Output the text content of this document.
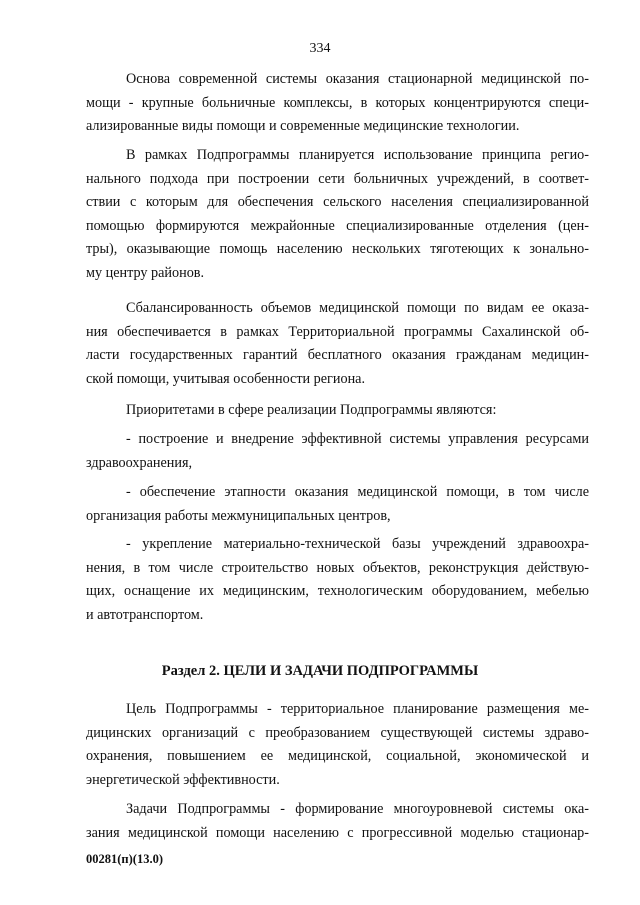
334
Основа современной системы оказания стационарной медицинской по-
мощи - крупные больничные комплексы, в которых концентрируются специ-
ализированные виды помощи и современные медицинские технологии.
В рамках Подпрограммы планируется использование принципа регио-
нального подхода при построении сети больничных учреждений, в соответ-
ствии с которым для обеспечения сельского населения специализированной
помощью формируются межрайонные специализированные отделения (цен-
тры), оказывающие помощь населению нескольких тяготеющих к зонально-
му центру районов.
Сбалансированность объемов медицинской помощи по видам ее оказа-
ния обеспечивается в рамках Территориальной программы Сахалинской об-
ласти государственных гарантий бесплатного оказания гражданам медицин-
ской помощи, учитывая особенности региона.
Приоритетами в сфере реализации Подпрограммы являются:
- построение и внедрение эффективной системы управления ресурсами
здравоохранения,
- обеспечение этапности оказания медицинской помощи, в том числе
организация работы межмуниципальных центров,
- укрепление материально-технической базы учреждений здравоохра-
нения, в том числе строительство новых объектов, реконструкция действую-
щих, оснащение их медицинским, технологическим оборудованием, мебелью
и автотранспортом.
Раздел 2. ЦЕЛИ И ЗАДАЧИ ПОДПРОГРАММЫ
Цель Подпрограммы - территориальное планирование размещения ме-
дицинских организаций с преобразованием существующей системы здраво-
охранения, повышением ее медицинской, социальной, экономической и
энергетической эффективности.
Задачи Подпрограммы - формирование многоуровневой системы ока-
зания медицинской помощи населению с прогрессивной моделью стационар-
00281(п)(13.0)
